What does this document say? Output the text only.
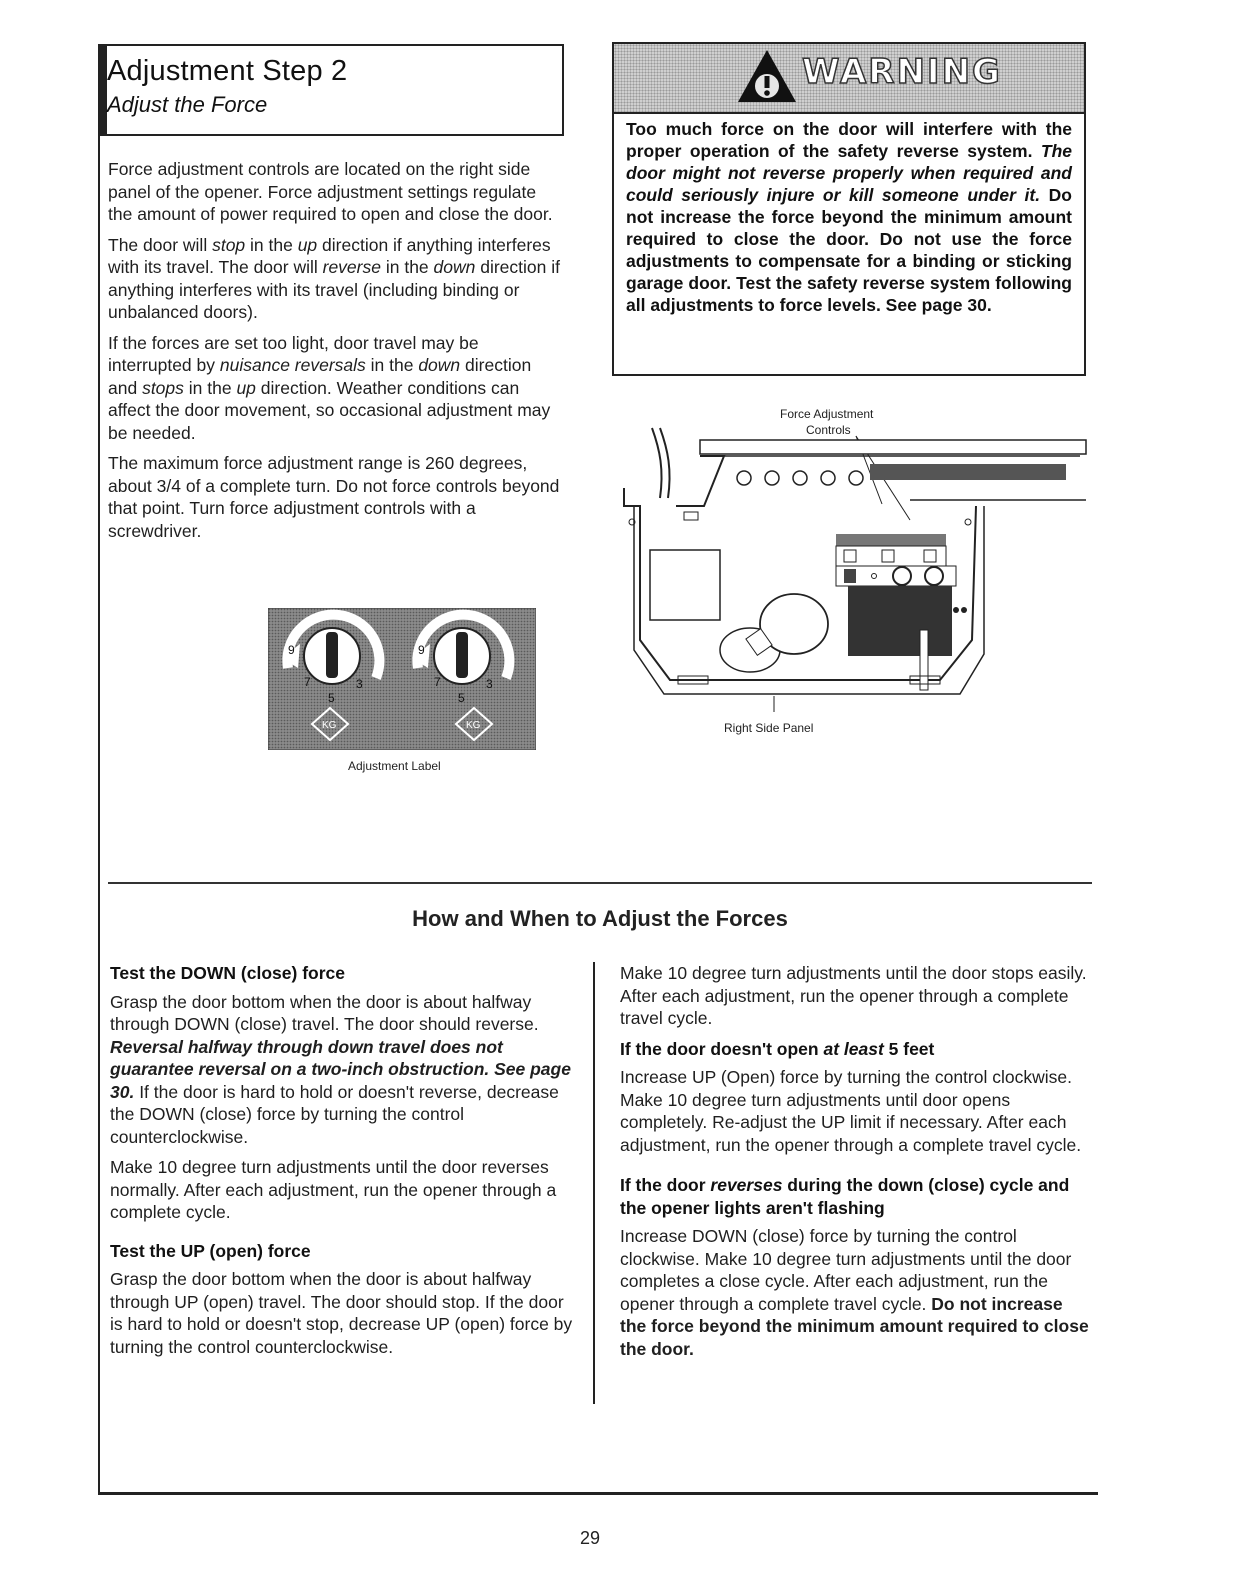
Adjustment Step 2
Adjust the Force

Force adjustment controls are located on the right side panel of the opener. Force adjustment settings regulate the amount of power required to open and close the door.

The door will stop in the up direction if anything interferes with its travel. The door will reverse in the down direction if anything interferes with its travel (including binding or unbalanced doors).

If the forces are set too light, door travel may be interrupted by nuisance reversals in the down direction and stops in the up direction. Weather conditions can affect the door movement, so occasional adjustment may be needed.

The maximum force adjustment range is 260 degrees, about 3/4 of a complete turn. Do not force controls beyond that point. Turn force adjustment controls with a screwdriver.

WARNING
Too much force on the door will interfere with the proper operation of the safety reverse system. The door might not reverse properly when required and could seriously injure or kill someone under it. Do not increase the force beyond the minimum amount required to close the door. Do not use the force adjustments to compensate for a binding or sticking garage door. Test the safety reverse system following all adjustments to force levels. See page 30.
9
7
5
3
KG
9
7
5
3
KG
Adjustment Label
Force Adjustment
Controls
Right Side Panel
How and When to Adjust the Forces
Test the DOWN (close) force

Grasp the door bottom when the door is about halfway through DOWN (close) travel. The door should reverse. Reversal halfway through down travel does not guarantee reversal on a two-inch obstruction. See page 30. If the door is hard to hold or doesn't reverse, decrease the DOWN (close) force by turning the control counterclockwise.

Make 10 degree turn adjustments until the door reverses normally. After each adjustment, run the opener through a complete cycle.

Test the UP (open) force

Grasp the door bottom when the door is about halfway through UP (open) travel. The door should stop. If the door is hard to hold or doesn't stop, decrease UP (open) force by turning the control counterclockwise.

Make 10 degree turn adjustments until the door stops easily. After each adjustment, run the opener through a complete travel cycle.

If the door doesn't open at least 5 feet

Increase UP (Open) force by turning the control clockwise. Make 10 degree turn adjustments until door opens completely. Re-adjust the UP limit if necessary. After each adjustment, run the opener through a complete travel cycle.

If the door reverses during the down (close) cycle and the opener lights aren't flashing

Increase DOWN (close) force by turning the control clockwise. Make 10 degree turn adjustments until the door completes a close cycle. After each adjustment, run the opener through a complete travel cycle. Do not increase the force beyond the minimum amount required to close the door.

29
